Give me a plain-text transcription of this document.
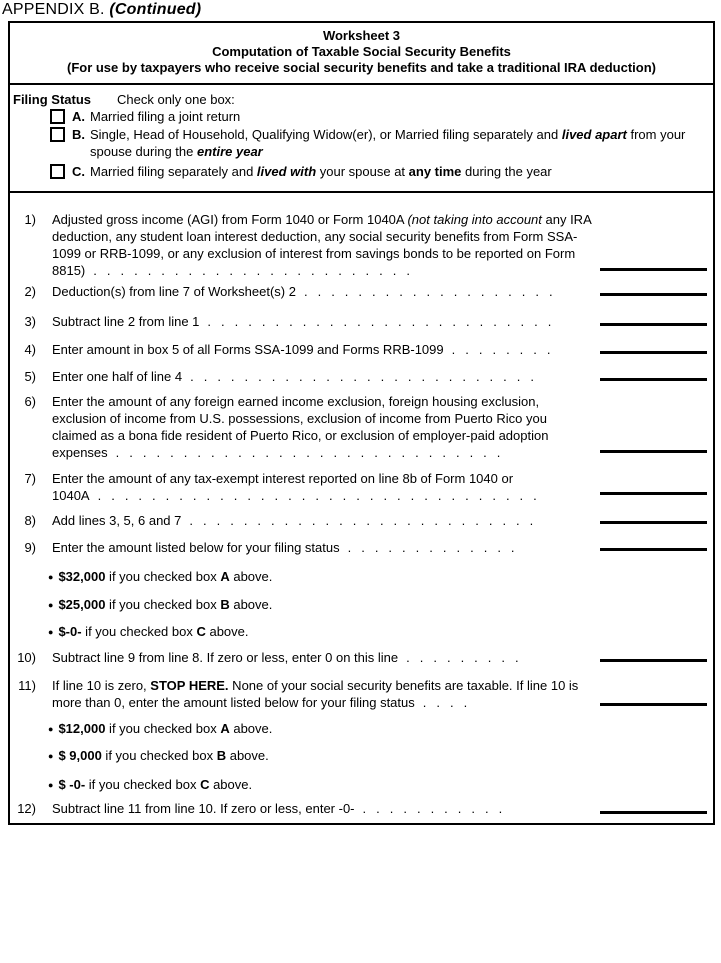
APPENDIX B. (Continued)
Worksheet 3
Computation of Taxable Social Security Benefits
(For use by taxpayers who receive social security benefits and take a traditional IRA deduction)
Filing Status Check only one box:
A. Married filing a joint return
B. Single, Head of Household, Qualifying Widow(er), or Married filing separately and lived apart from your spouse during the entire year
C. Married filing separately and lived with your spouse at any time during the year
1) Adjusted gross income (AGI) from Form 1040 or Form 1040A (not taking into account any IRA deduction, any student loan interest deduction, any social security benefits from Form SSA-1099 or RRB-1099, or any exclusion of interest from savings bonds to be reported on Form 8815) ........................
2) Deduction(s) from line 7 of Worksheet(s) 2 ...................
3) Subtract line 2 from line 1 ..........................
4) Enter amount in box 5 of all Forms SSA-1099 and Forms RRB-1099 ........
5) Enter one half of line 4 ..........................
6) Enter the amount of any foreign earned income exclusion, foreign housing exclusion, exclusion of income from U.S. possessions, exclusion of income from Puerto Rico you claimed as a bona fide resident of Puerto Rico, or exclusion of employer-paid adoption expenses .............................
7) Enter the amount of any tax-exempt interest reported on line 8b of Form 1040 or 1040A .................................
8) Add lines 3, 5, 6 and 7 ..........................
9) Enter the amount listed below for your filing status .............
● $32,000 if you checked box A above.
● $25,000 if you checked box B above.
● $-0- if you checked box C above.
10) Subtract line 9 from line 8. If zero or less, enter 0 on this line .........
11) If line 10 is zero, STOP HERE. None of your social security benefits are taxable. If line 10 is more than 0, enter the amount listed below for your filing status ....
● $12,000 if you checked box A above.
● $ 9,000 if you checked box B above.
● $ -0- if you checked box C above.
12) Subtract line 11 from line 10. If zero or less, enter -0- ...........
